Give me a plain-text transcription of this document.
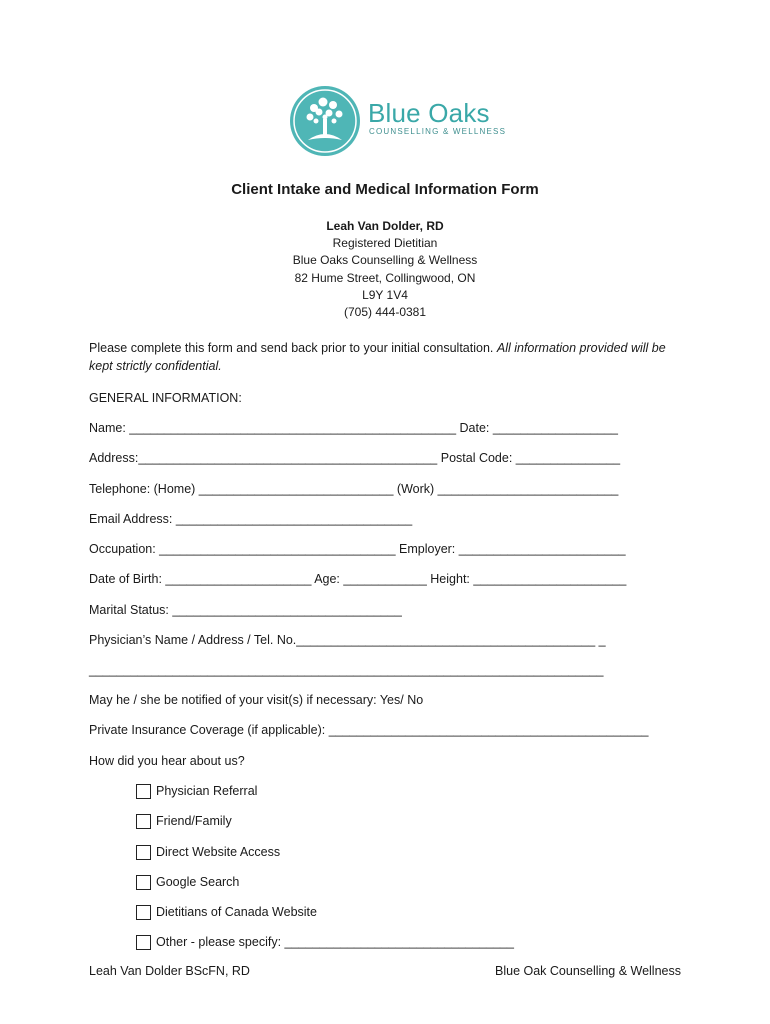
Blue Oaks
COUNSELLING & WELLNESS
Client Intake and Medical Information Form
Leah Van Dolder, RD
Registered Dietitian
Blue Oaks Counselling & Wellness
82 Hume Street, Collingwood, ON
L9Y 1V4
(705) 444-0381
Please complete this form and send back prior to your initial consultation. All information provided will be kept strictly confidential.
GENERAL INFORMATION:
Name: _______________________________________________ Date: __________________
Address:___________________________________________ Postal Code: _______________
Telephone: (Home) ____________________________ (Work) __________________________
Email Address: __________________________________
Occupation: __________________________________ Employer: ________________________
Date of Birth: _____________________ Age: ____________ Height: ______________________
Marital Status: _________________________________
Physician’s Name / Address / Tel. No.___________________________________________ _
__________________________________________________________________________
May he / she be notified of your visit(s) if necessary: Yes/ No
Private Insurance Coverage (if applicable): ______________________________________________
How did you hear about us?
Physician Referral
Friend/Family
Direct Website Access
Google Search
Dietitians of Canada Website
Other - please specify: _________________________________
Leah Van Dolder BScFN, RD	Blue Oak Counselling & Wellness
